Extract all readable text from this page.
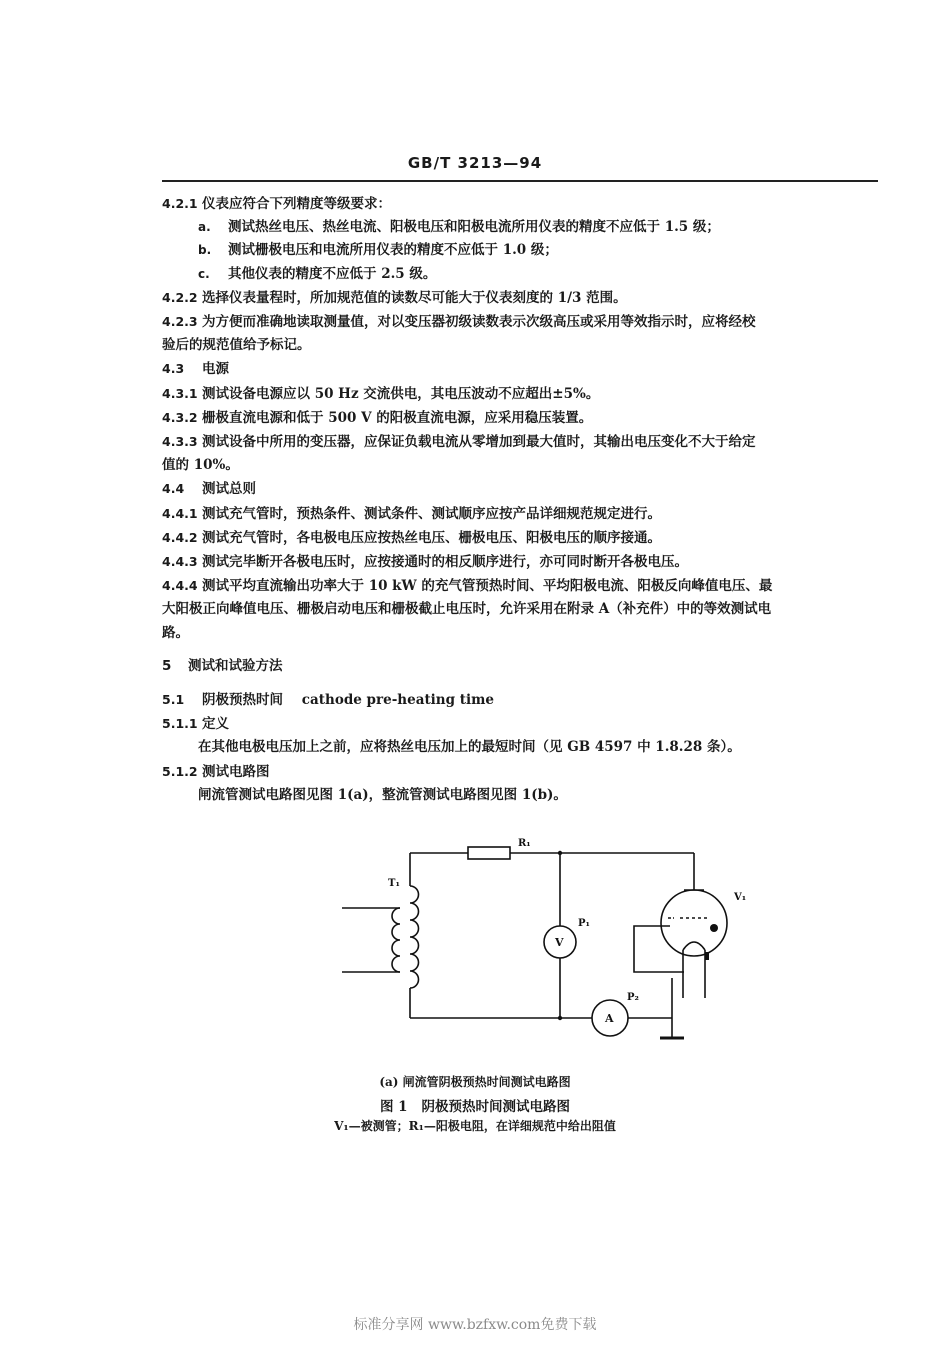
GB/T 3213—94
4.2.1 仪表应符合下列精度等级要求：
a. 测试热丝电压、热丝电流、阳极电压和阳极电流所用仪表的精度不应低于 1.5 级；
b. 测试栅极电压和电流所用仪表的精度不应低于 1.0 级；
c. 其他仪表的精度不应低于 2.5 级。
4.2.2 选择仪表量程时，所加规范值的读数尽可能大于仪表刻度的 1/3 范围。
4.2.3 为方便而准确地读取测量值，对以变压器初级读数表示次级高压或采用等效指示时，应将经校
验后的规范值给予标记。
4.3 电源
4.3.1 测试设备电源应以 50 Hz 交流供电，其电压波动不应超出±5%。
4.3.2 栅极直流电源和低于 500 V 的阳极直流电源，应采用稳压装置。
4.3.3 测试设备中所用的变压器，应保证负载电流从零增加到最大值时，其输出电压变化不大于给定
值的 10%。
4.4 测试总则
4.4.1 测试充气管时，预热条件、测试条件、测试顺序应按产品详细规范规定进行。
4.4.2 测试充气管时，各电极电压应按热丝电压、栅极电压、阳极电压的顺序接通。
4.4.3 测试完毕断开各极电压时，应按接通时的相反顺序进行，亦可同时断开各极电压。
4.4.4 测试平均直流输出功率大于 10 kW 的充气管预热时间、平均阳极电流、阳极反向峰值电压、最
大阳极正向峰值电压、栅极启动电压和栅极截止电压时，允许采用在附录 A（补充件）中的等效测试电
路。
5 测试和试验方法
5.1 阴极预热时间    cathode pre-heating time
5.1.1 定义
在其他电极电压加上之前，应将热丝电压加上的最短时间（见 GB 4597 中 1.8.28 条）。
5.1.2 测试电路图
闸流管测试电路图见图 1(a)，整流管测试电路图见图 1(b)。
R₁
T₁
P₁
P₂
V₁
V
A
(a) 闸流管阴极预热时间测试电路图
图 1 阴极预热时间测试电路图
V₁—被测管；R₁—阳极电阻，在详细规范中给出阻值
标准分享网 www.bzfxw.com免费下载
